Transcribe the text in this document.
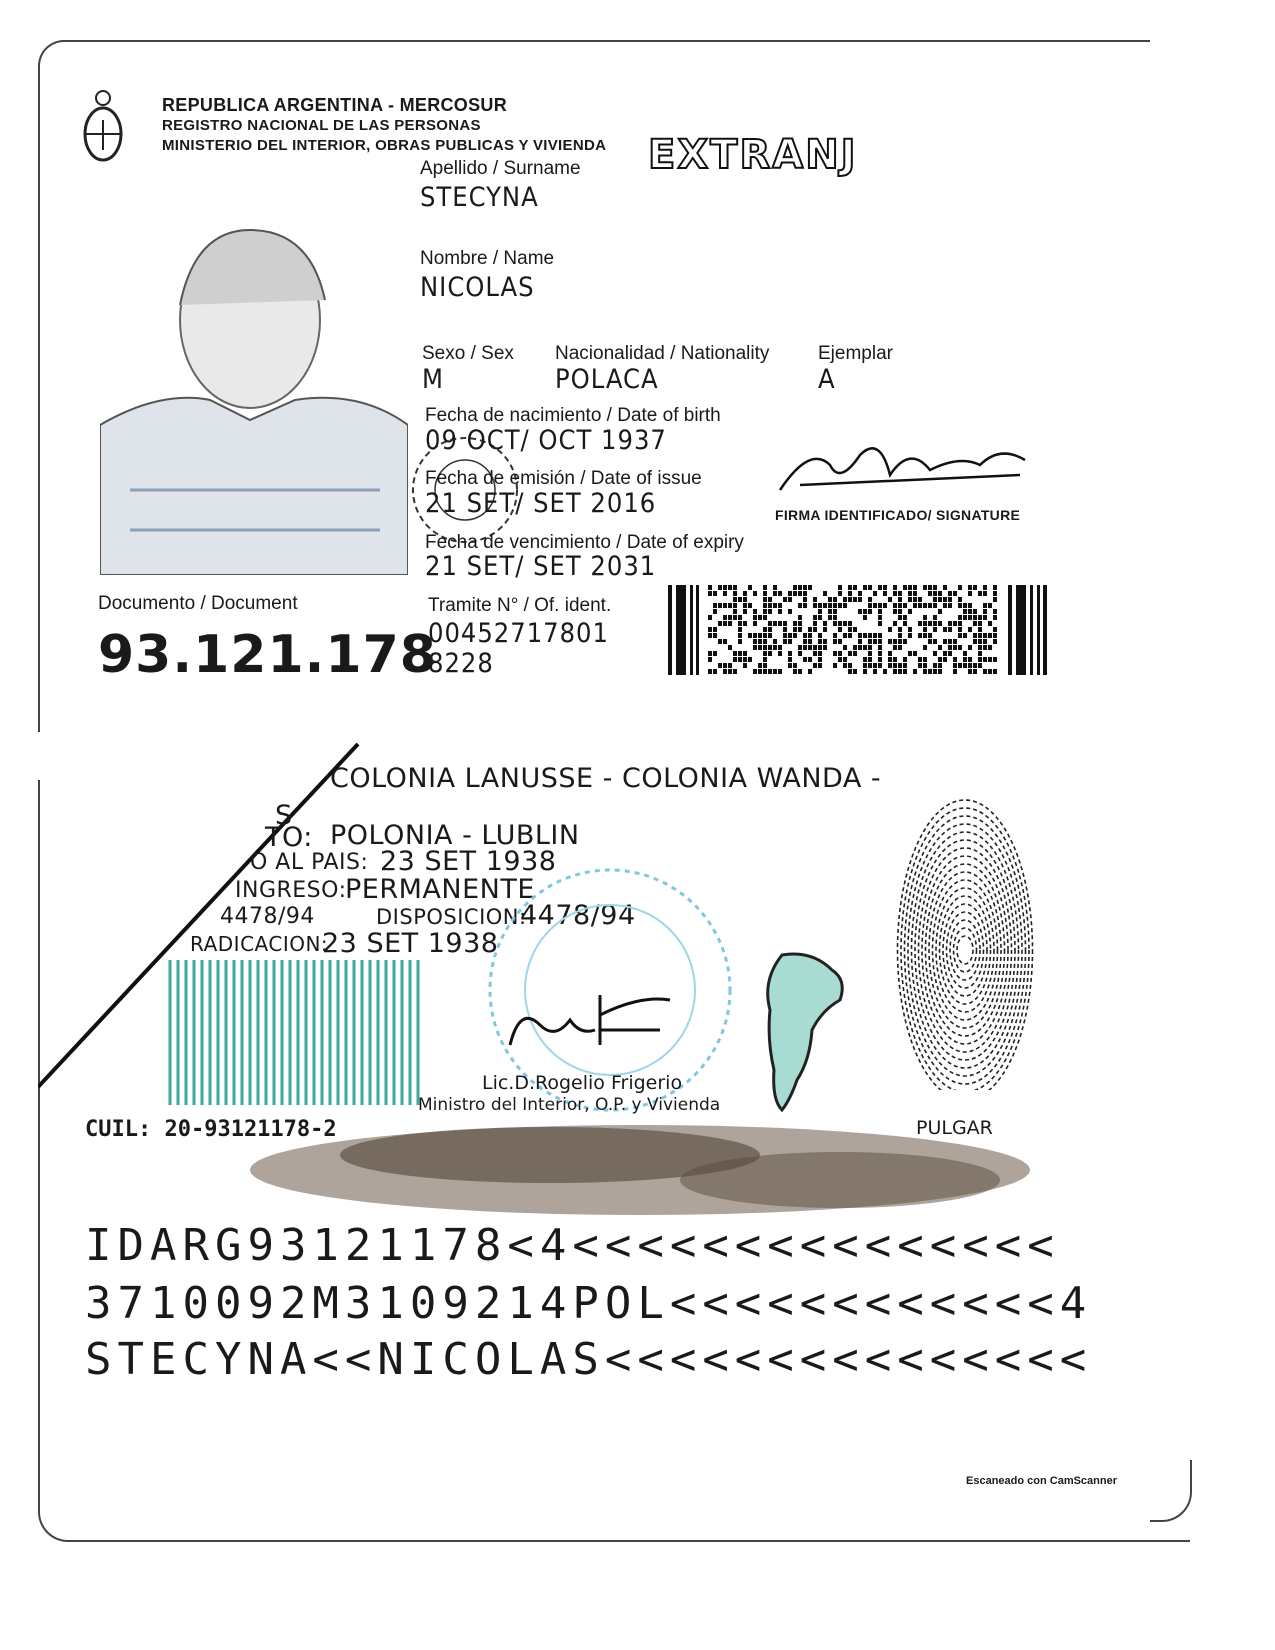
REPUBLICA ARGENTINA - MERCOSUR
REGISTRO NACIONAL DE LAS PERSONAS
MINISTERIO DEL INTERIOR, OBRAS PUBLICAS Y VIVIENDA EXTRANJ
Apellido / Surname
STECYNA
Nombre / Name
NICOLAS
Sexo / Sex
M
Nacionalidad / Nationality
POLACA
Ejemplar
A
Fecha de nacimiento / Date of birth
09 OCT/ OCT 1937
Fecha de emisión / Date of issue
21 SET/ SET 2016
Fecha de vencimiento / Date of expiry
21 SET/ SET 2031
FIRMA IDENTIFICADO/ SIGNATURE
Documento / Document
93.121.178
Tramite N° / Of. ident.
00452717801
8228
COLONIA LANUSSE - COLONIA WANDA -
S
TO: POLONIA - LUBLIN
O AL PAIS: 23 SET 1938
INGRESO:
PERMANENTE
4478/94	DISPOSICION:
4478/94
RADICACION:
23 SET 1938
Lic.D.Rogelio Frigerio
Ministro del Interior, O.P. y Vivienda
CUIL: 20-93121178-2	PULGAR
IDARG93121178<4<<<<<<<<<<<<<<<
3710092M3109214POL<<<<<<<<<<<<4
STECYNA<<NICOLAS<<<<<<<<<<<<<<<
Escaneado con CamScanner
